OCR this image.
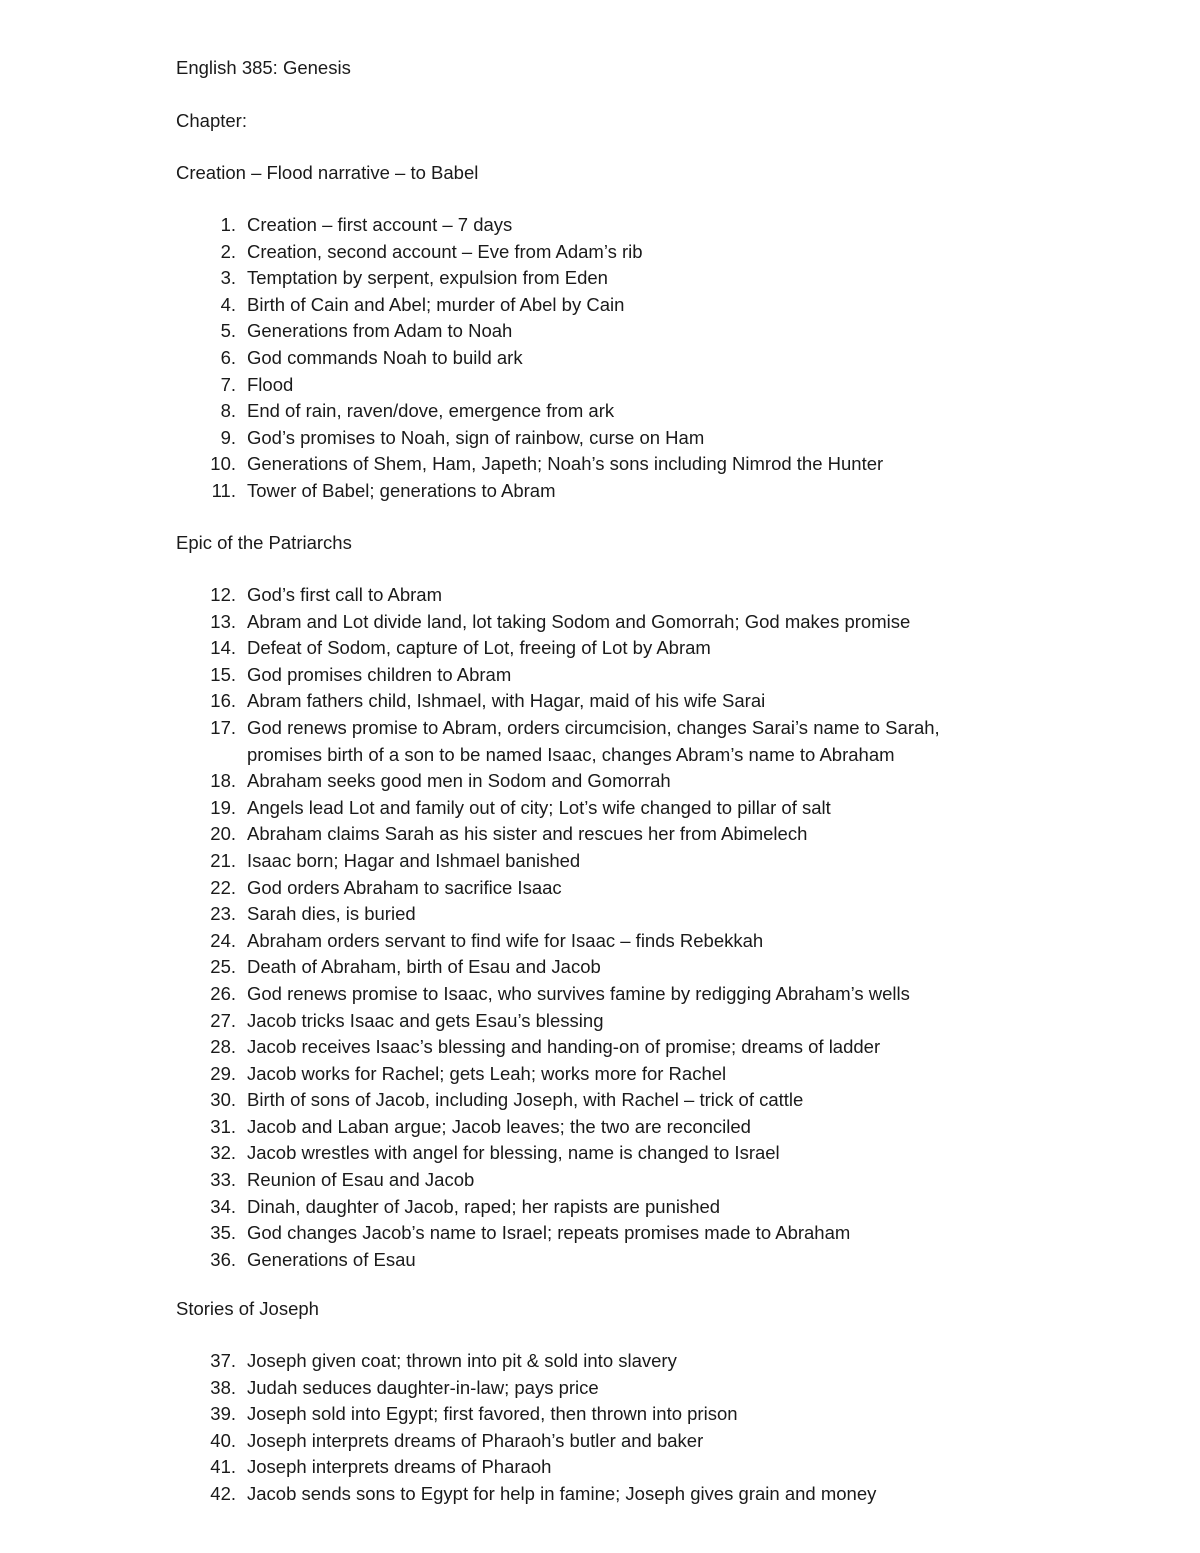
English 385: Genesis
Chapter:
Creation – Flood narrative – to Babel
1. Creation – first account – 7 days
2. Creation, second account – Eve from Adam’s rib
3. Temptation by serpent, expulsion from Eden
4. Birth of Cain and Abel; murder of Abel by Cain
5. Generations from Adam to Noah
6. God commands Noah to build ark
7. Flood
8. End of rain, raven/dove, emergence from ark
9. God’s promises to Noah, sign of rainbow, curse on Ham
10. Generations of Shem, Ham, Japeth; Noah’s sons including Nimrod the Hunter
11. Tower of Babel; generations to Abram
Epic of the Patriarchs
12. God’s first call to Abram
13. Abram and Lot divide land, lot taking Sodom and Gomorrah; God makes promise
14. Defeat of Sodom, capture of Lot, freeing of Lot by Abram
15. God promises children to Abram
16. Abram fathers child, Ishmael, with Hagar, maid of his wife Sarai
17. God renews promise to Abram, orders circumcision, changes Sarai’s name to Sarah, promises birth of a son to be named Isaac, changes Abram’s name to Abraham
18. Abraham seeks good men in Sodom and Gomorrah
19. Angels lead Lot and family out of city; Lot’s wife changed to pillar of salt
20. Abraham claims Sarah as his sister and rescues her from Abimelech
21. Isaac born; Hagar and Ishmael banished
22. God orders Abraham to sacrifice Isaac
23. Sarah dies, is buried
24. Abraham orders servant to find wife for Isaac – finds Rebekkah
25. Death of Abraham, birth of Esau and Jacob
26. God renews promise to Isaac, who survives famine by redigging Abraham’s wells
27. Jacob tricks Isaac and gets Esau’s blessing
28. Jacob receives Isaac’s blessing and handing-on of promise; dreams of ladder
29. Jacob works for Rachel; gets Leah; works more for Rachel
30. Birth of sons of Jacob, including Joseph, with Rachel – trick of cattle
31. Jacob and Laban argue; Jacob leaves; the two are reconciled
32. Jacob wrestles with angel for blessing, name is changed to Israel
33. Reunion of Esau and Jacob
34. Dinah, daughter of Jacob, raped; her rapists are punished
35. God changes Jacob’s name to Israel; repeats promises made to Abraham
36. Generations of Esau
Stories of Joseph
37. Joseph given coat; thrown into pit & sold into slavery
38. Judah seduces daughter-in-law; pays price
39. Joseph sold into Egypt; first favored, then thrown into prison
40. Joseph interprets dreams of Pharaoh’s butler and baker
41. Joseph interprets dreams of Pharaoh
42. Jacob sends sons to Egypt for help in famine; Joseph gives grain and money
